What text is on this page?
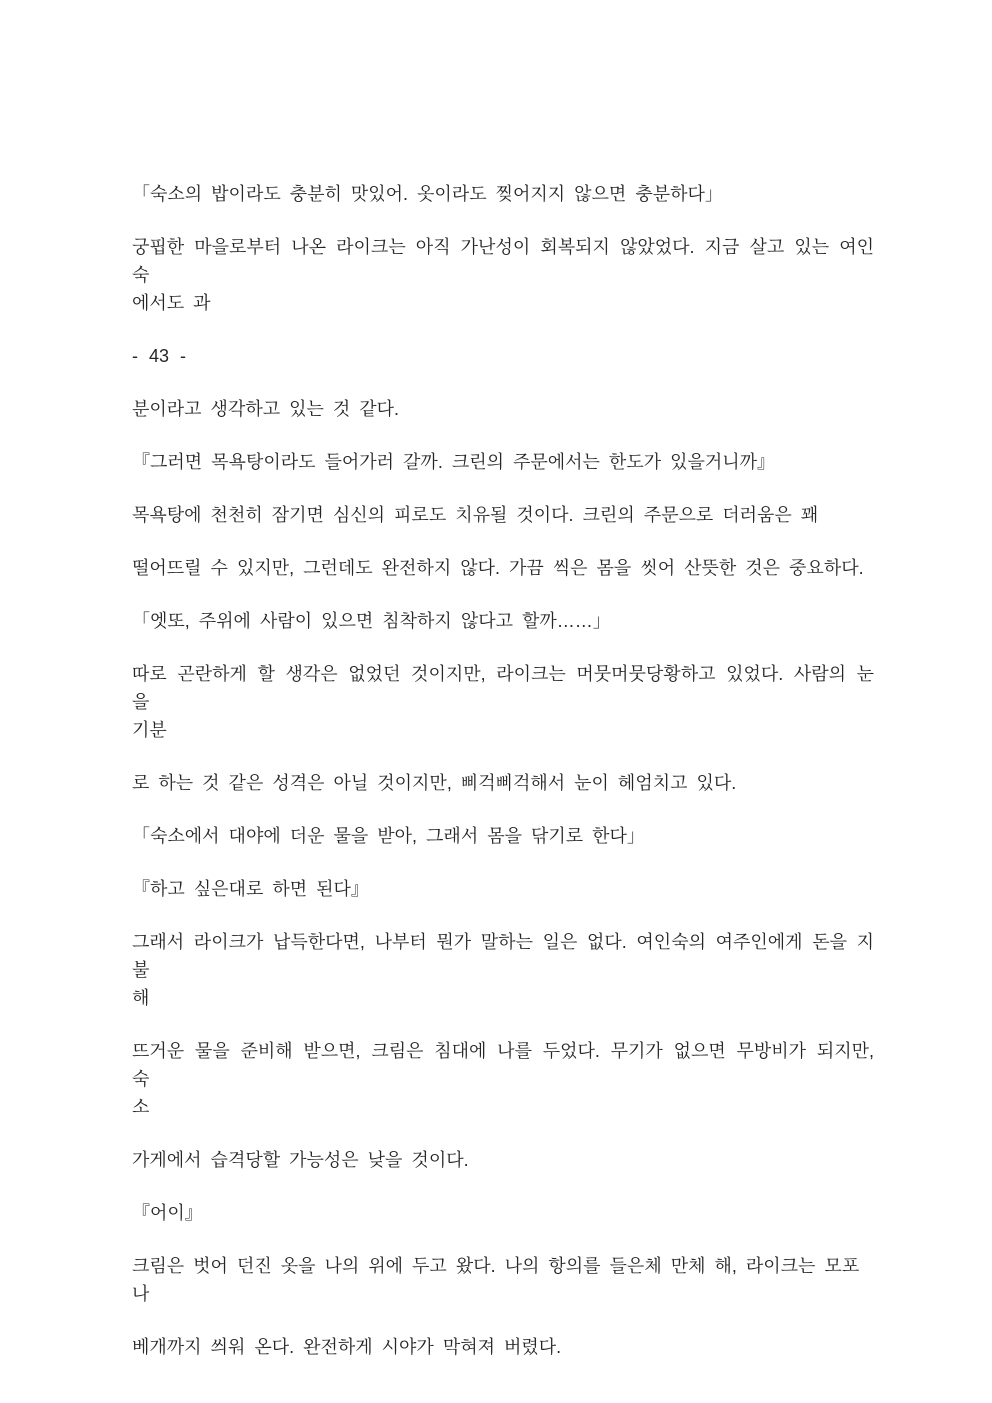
「숙소의 밥이라도 충분히 맛있어. 옷이라도 찢어지지 않으면 충분하다」
궁핍한 마을로부터 나온 라이크는 아직 가난성이 회복되지 않았었다. 지금 살고 있는 여인숙
에서도 과
- 43 -
분이라고 생각하고 있는 것 같다.
『그러면 목욕탕이라도 들어가러 갈까. 크린의 주문에서는 한도가 있을거니까』
목욕탕에 천천히 잠기면 심신의 피로도 치유될 것이다. 크린의 주문으로 더러움은 꽤
떨어뜨릴 수 있지만, 그런데도 완전하지 않다. 가끔 씩은 몸을 씻어 산뜻한 것은 중요하다.
「엣또, 주위에 사람이 있으면 침착하지 않다고 할까……」
따로 곤란하게 할 생각은 없었던 것이지만, 라이크는 머뭇머뭇당황하고 있었다. 사람의 눈을
기분
로 하는 것 같은 성격은 아닐 것이지만, 삐걱삐걱해서 눈이 헤엄치고 있다.
「숙소에서 대야에 더운 물을 받아, 그래서 몸을 닦기로 한다」
『하고 싶은대로 하면 된다』
그래서 라이크가 납득한다면, 나부터 뭔가 말하는 일은 없다. 여인숙의 여주인에게 돈을 지불
해
뜨거운 물을 준비해 받으면, 크림은 침대에 나를 두었다. 무기가 없으면 무방비가 되지만, 숙
소
가게에서 습격당할 가능성은 낮을 것이다.
『어이』
크림은 벗어 던진 옷을 나의 위에 두고 왔다. 나의 항의를 들은체 만체 해, 라이크는 모포나
베개까지 씌워 온다. 완전하게 시야가 막혀져 버렸다.
